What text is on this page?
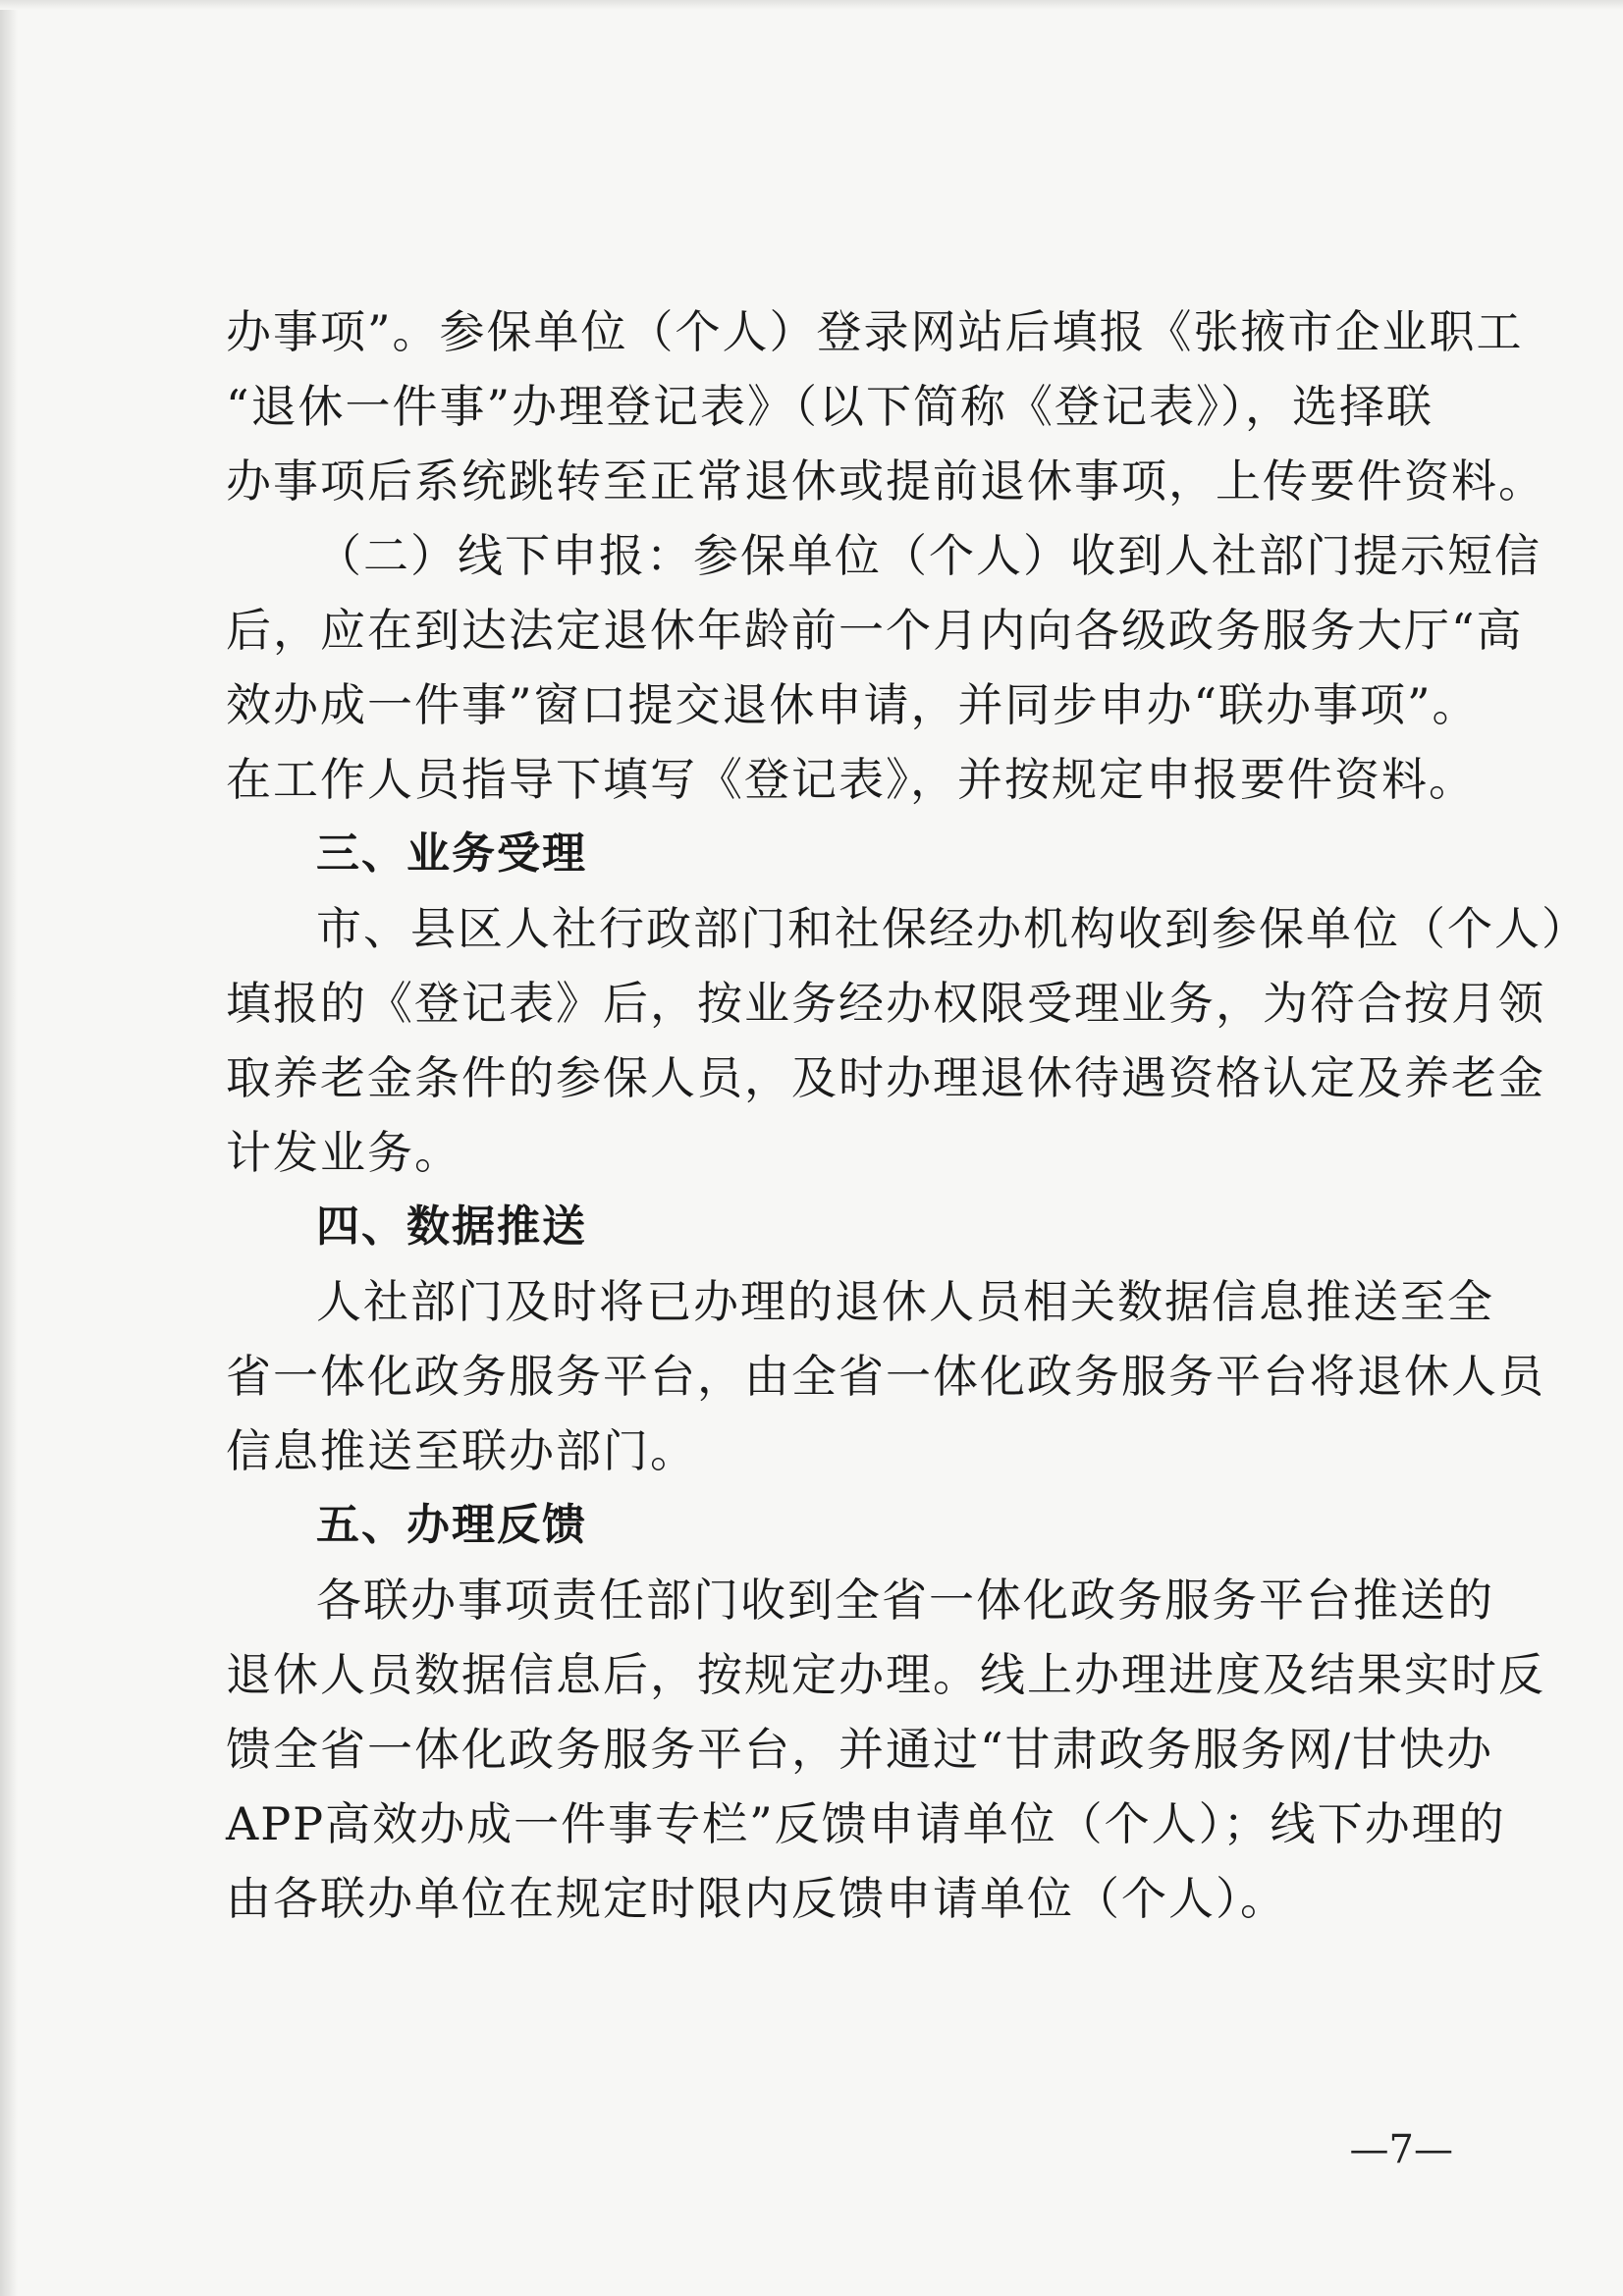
办事项”。参保单位（个人）登录网站后填报《张掖市企业职工
“退休一件事”办理登记表》（以下简称《登记表》），选择联
办事项后系统跳转至正常退休或提前退休事项，上传要件资料。
（二）线下申报：参保单位（个人）收到人社部门提示短信
后，应在到达法定退休年龄前一个月内向各级政务服务大厅“高
效办成一件事”窗口提交退休申请，并同步申办“联办事项”。
在工作人员指导下填写《登记表》，并按规定申报要件资料。
三、业务受理
市、县区人社行政部门和社保经办机构收到参保单位（个人）
填报的《登记表》后，按业务经办权限受理业务，为符合按月领
取养老金条件的参保人员，及时办理退休待遇资格认定及养老金
计发业务。
四、数据推送
人社部门及时将已办理的退休人员相关数据信息推送至全
省一体化政务服务平台，由全省一体化政务服务平台将退休人员
信息推送至联办部门。
五、办理反馈
各联办事项责任部门收到全省一体化政务服务平台推送的
退休人员数据信息后，按规定办理。线上办理进度及结果实时反
馈全省一体化政务服务平台，并通过“甘肃政务服务网/甘快办
APP高效办成一件事专栏”反馈申请单位（个人）；线下办理的
由各联办单位在规定时限内反馈申请单位（个人）。
—7—
